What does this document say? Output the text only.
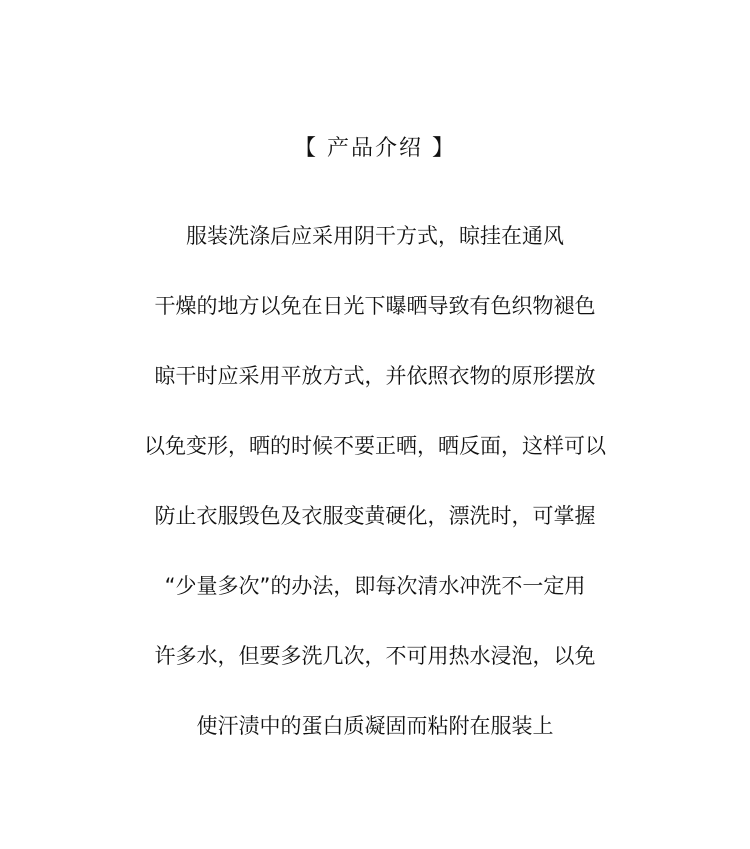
【 产品介绍 】
服装洗涤后应采用阴干方式，晾挂在通风
干燥的地方以免在日光下曝晒导致有色织物褪色
晾干时应采用平放方式，并依照衣物的原形摆放
以免变形，晒的时候不要正晒，晒反面，这样可以
防止衣服毁色及衣服变黄硬化，漂洗时，可掌握
“少量多次”的办法，即每次清水冲洗不一定用
许多水，但要多洗几次，不可用热水浸泡，以免
使汗渍中的蛋白质凝固而粘附在服装上
